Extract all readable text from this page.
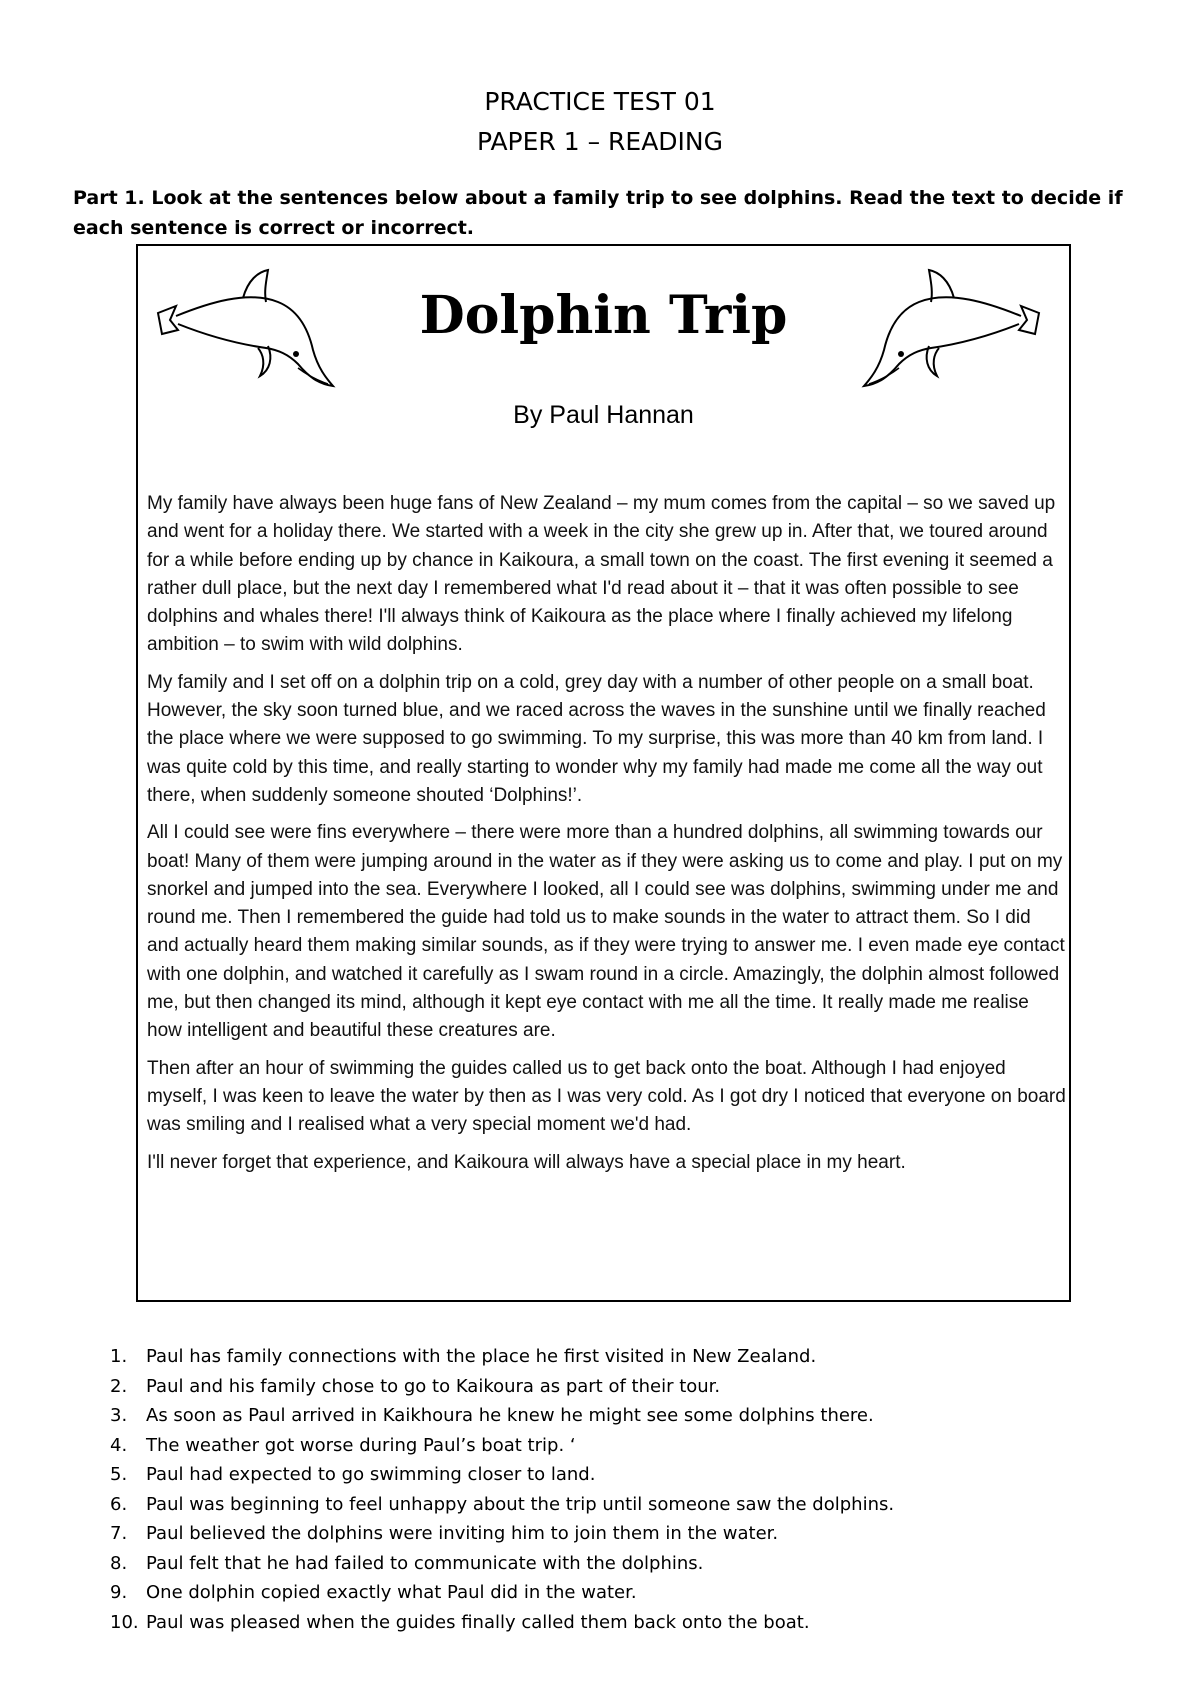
PRACTICE TEST 01
PAPER 1 – READING
Part 1. Look at the sentences below about a family trip to see dolphins. Read the text to decide if each sentence is correct or incorrect.
Dolphin Trip
By Paul Hannan

My family have always been huge fans of New Zealand – my mum comes from the capital – so we saved up and went for a holiday there. We started with a week in the city she grew up in. After that, we toured around for a while before ending up by chance in Kaikoura, a small town on the coast. The first evening it seemed a rather dull place, but the next day I remembered what I'd read about it – that it was often possible to see dolphins and whales there! I'll always think of Kaikoura as the place where I finally achieved my lifelong ambition – to swim with wild dolphins.

My family and I set off on a dolphin trip on a cold, grey day with a number of other people on a small boat. However, the sky soon turned blue, and we raced across the waves in the sunshine until we finally reached the place where we were supposed to go swimming. To my surprise, this was more than 40 km from land. I was quite cold by this time, and really starting to wonder why my family had made me come all the way out there, when suddenly someone shouted ‘Dolphins!’.

All I could see were fins everywhere – there were more than a hundred dolphins, all swimming towards our boat! Many of them were jumping around in the water as if they were asking us to come and play. I put on my snorkel and jumped into the sea. Everywhere I looked, all I could see was dolphins, swimming under me and round me. Then I remembered the guide had told us to make sounds in the water to attract them. So I did and actually heard them making similar sounds, as if they were trying to answer me. I even made eye contact with one dolphin, and watched it carefully as I swam round in a circle. Amazingly, the dolphin almost followed me, but then changed its mind, although it kept eye contact with me all the time. It really made me realise how intelligent and beautiful these creatures are.

Then after an hour of swimming the guides called us to get back onto the boat. Although I had enjoyed myself, I was keen to leave the water by then as I was very cold. As I got dry I noticed that everyone on board was smiling and I realised what a very special moment we'd had.

I'll never forget that experience, and Kaikoura will always have a special place in my heart.

1.	Paul has family connections with the place he first visited in New Zealand.
2.	Paul and his family chose to go to Kaikoura as part of their tour.
3.	As soon as Paul arrived in Kaikhoura he knew he might see some dolphins there.
4.	The weather got worse during Paul’s boat trip. ‘
5.	Paul had expected to go swimming closer to land.
6.	Paul was beginning to feel unhappy about the trip until someone saw the dolphins.
7.	Paul believed the dolphins were inviting him to join them in the water.
8.	Paul felt that he had failed to communicate with the dolphins.
9.	One dolphin copied exactly what Paul did in the water.
10. Paul was pleased when the guides finally called them back onto the boat.
